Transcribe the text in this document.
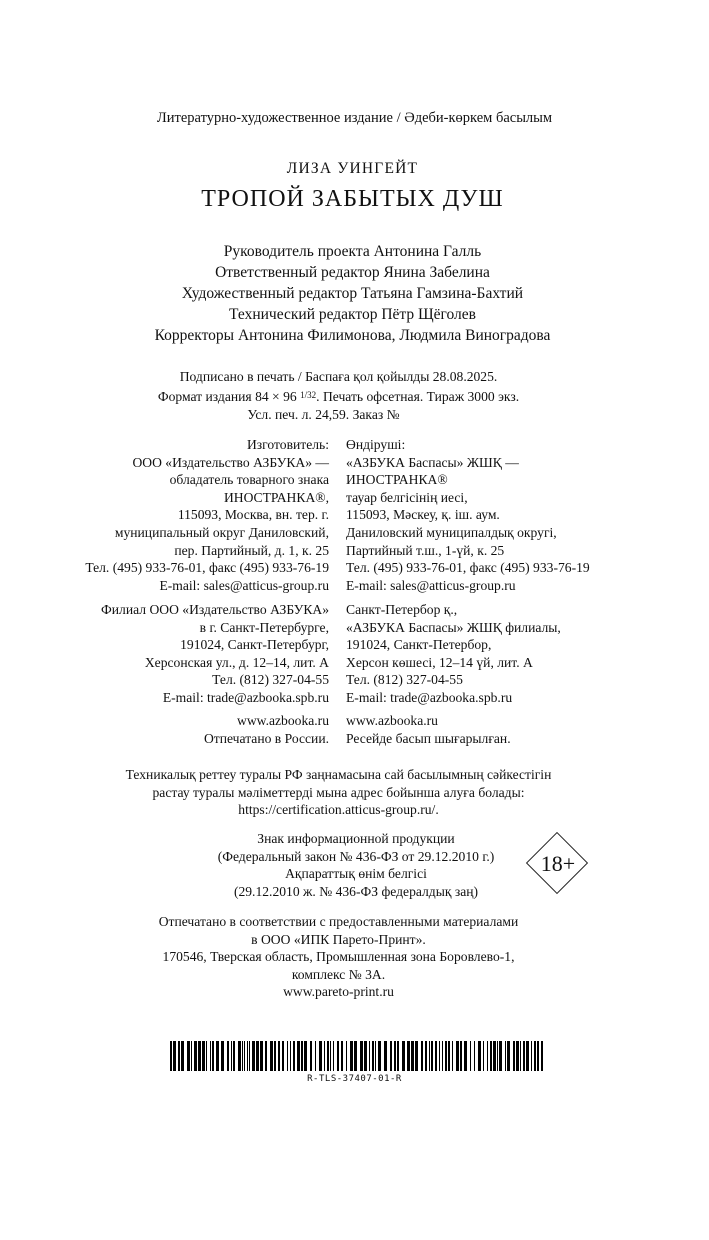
Литературно-художественное издание / Әдеби-көркем басылым
ЛИЗА УИНГЕЙТ
ТРОПОЙ ЗАБЫТЫХ ДУШ
Руководитель проекта Антонина Галль
Ответственный редактор Янина Забелина
Художественный редактор Татьяна Гамзина-Бахтий
Технический редактор Пётр Щёголев
Корректоры Антонина Филимонова, Людмила Виноградова
Подписано в печать / Баспаға қол қойылды 28.08.2025.
Формат издания 84 × 96 $^{1/32}$. Печать офсетная. Тираж 3000 экз.
Усл. печ. л. 24,59. Заказ №
Изготовитель:
ООО «Издательство АЗБУКА» —
обладатель товарного знака
ИНОСТРАНКА®,
115093, Москва, вн. тер. г.
муниципальный округ Даниловский,
пер. Партийный, д. 1, к. 25
Тел. (495) 933-76-01, факс (495) 933-76-19
E-mail: sales@atticus-group.ru
Өндіруші:
«АЗБУКА Баспасы» ЖШҚ —
ИНОСТРАНКА®
тауар белгісінің иесі,
115093, Мәскеу, қ. іш. аум.
Даниловский муниципалдық округі,
Партийный т.ш., 1-үй, к. 25
Тел. (495) 933-76-01, факс (495) 933-76-19
E-mail: sales@atticus-group.ru
Филиал ООО «Издательство АЗБУКА»
в г. Санкт-Петербурге,
191024, Санкт-Петербург,
Херсонская ул., д. 12–14, лит. А
Тел. (812) 327-04-55
E-mail: trade@azbooka.spb.ru
Санкт-Петербор қ.,
«АЗБУКА Баспасы» ЖШҚ филиалы,
191024, Санкт-Петербор,
Херсон көшесі, 12–14 үй, лит. А
Тел. (812) 327-04-55
E-mail: trade@azbooka.spb.ru
www.azbooka.ru
Отпечатано в России.
www.azbooka.ru
Ресейде басып шығарылған.
Техникалық реттеу туралы РФ заңнамасына сай басылымның сәйкестігін
растау туралы мәліметтерді мына адрес бойынша алуға болады:
https://certification.atticus-group.ru/.
Знак информационной продукции
(Федеральный закон № 436-ФЗ от 29.12.2010 г.)
Ақпараттық өнім белгісі
(29.12.2010 ж. № 436-ФЗ федералдық заң)
18+
Отпечатано в соответствии с предоставленными материалами
в ООО «ИПК Парето-Принт».
170546, Тверская область, Промышленная зона Боровлево-1,
комплекс № 3А.
www.pareto-print.ru
R-TLS-37407-01-R
